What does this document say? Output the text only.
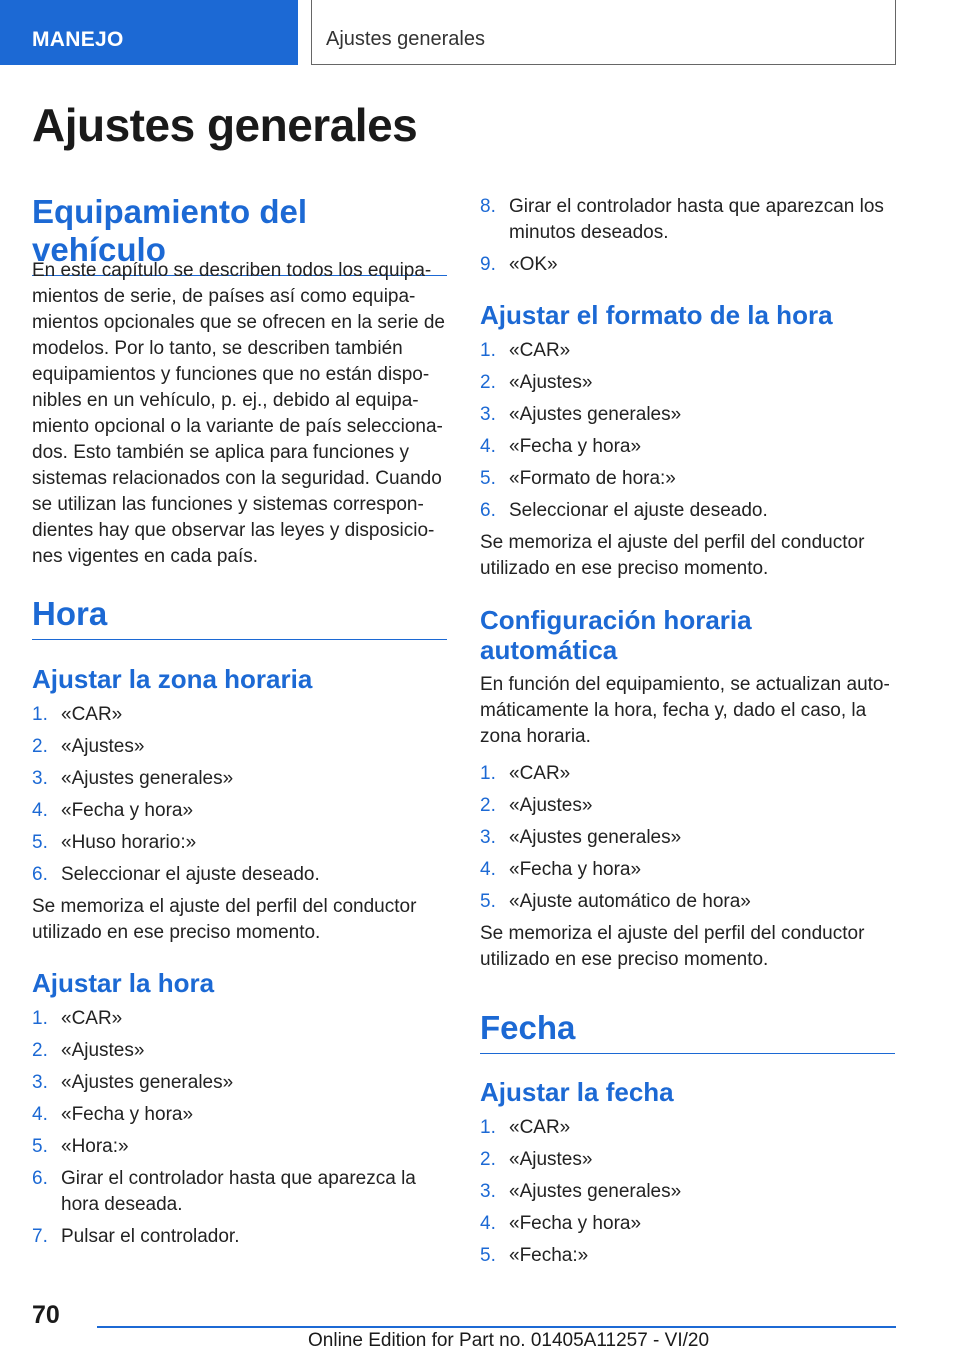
MANEJO	Ajustes generales
Ajustes generales
Equipamiento del vehículo

En este capítulo se describen todos los equipa-mientos de serie, de países así como equipa-mientos opcionales que se ofrecen en la serie de modelos. Por lo tanto, se describen también equipamientos y funciones que no están dispo-nibles en un vehículo, p. ej., debido al equipa-miento opcional o la variante de país selecciona-dos. Esto también se aplica para funciones y sistemas relacionados con la seguridad. Cuando se utilizan las funciones y sistemas correspon-dientes hay que observar las leyes y disposicio-nes vigentes en cada país.

Hora
Ajustar la zona horaria
1. «CAR»
2. «Ajustes»
3. «Ajustes generales»
4. «Fecha y hora»
5. «Huso horario:»
6. Seleccionar el ajuste deseado.

Se memoriza el ajuste del perfil del conductor utilizado en ese preciso momento.

Ajustar la hora
1. «CAR»
2. «Ajustes»
3. «Ajustes generales»
4. «Fecha y hora»
5. «Hora:»
6. Girar el controlador hasta que aparezca la hora deseada.
7. Pulsar el controlador.
8. Girar el controlador hasta que aparezcan los minutos deseados.
9. «OK»
Ajustar el formato de la hora
1. «CAR»
2. «Ajustes»
3. «Ajustes generales»
4. «Fecha y hora»
5. «Formato de hora:»
6. Seleccionar el ajuste deseado.

Se memoriza el ajuste del perfil del conductor utilizado en ese preciso momento.

Configuración horaria automática

En función del equipamiento, se actualizan auto-máticamente la hora, fecha y, dado el caso, la zona horaria.

1. «CAR»
2. «Ajustes»
3. «Ajustes generales»
4. «Fecha y hora»
5. «Ajuste automático de hora»

Se memoriza el ajuste del perfil del conductor utilizado en ese preciso momento.

Fecha
Ajustar la fecha
1. «CAR»
2. «Ajustes»
3. «Ajustes generales»
4. «Fecha y hora»
5. «Fecha:»
70
Online Edition for Part no. 01405A11257 - VI/20
